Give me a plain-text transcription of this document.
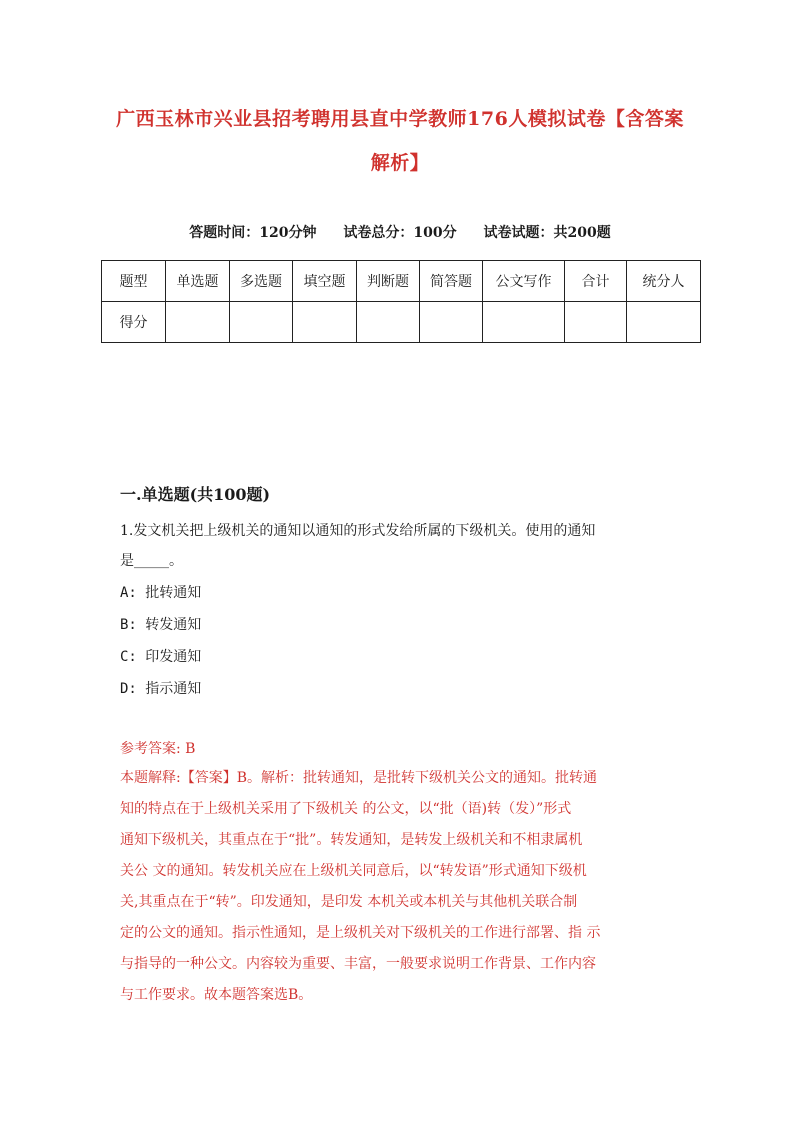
广西玉林市兴业县招考聘用县直中学教师176人模拟试卷【含答案
解析】
答题时间：120分钟 试卷总分：100分 试卷试题：共200题
题型	单选题	多选题	填空题	判断题	简答题	公文写作	合计	统分人
得分								
一.单选题(共100题)
1.发文机关把上级机关的通知以通知的形式发给所属的下级机关。使用的通知
是_____。
A: 批转通知
B: 转发通知
C: 印发通知
D: 指示通知
参考答案: B
本题解释:【答案】B。解析：批转通知，是批转下级机关公文的通知。批转通
知的特点在于上级机关采用了下级机关 的公文，以“批（语)转（发）”形式
通知下级机关，其重点在于“批”。转发通知，是转发上级机关和不相隶属机
关公 文的通知。转发机关应在上级机关同意后，以“转发语”形式通知下级机
关,其重点在于“转”。印发通知，是印发 本机关或本机关与其他机关联合制
定的公文的通知。指示性通知，是上级机关对下级机关的工作进行部署、指 示
与指导的一种公文。内容较为重要、丰富，一般要求说明工作背景、工作内容
与工作要求。故本题答案选B。
